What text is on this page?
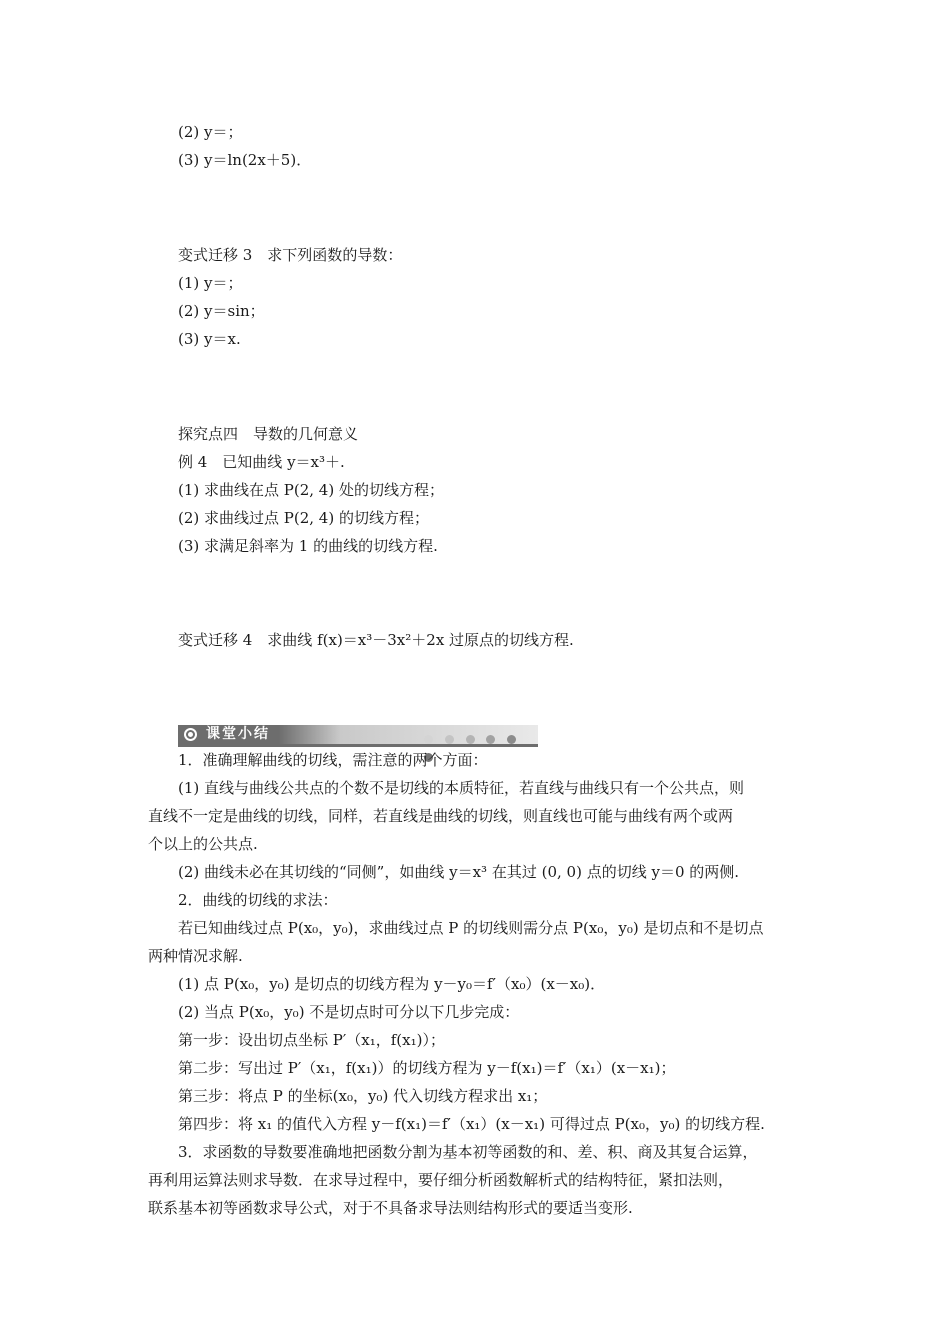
(2) y＝；
(3) y＝ln(2x＋5)．
变式迁移 3　求下列函数的导数：
(1) y＝；
(2) y＝sin；
(3) y＝x.
探究点四　导数的几何意义
例 4　已知曲线 y＝x³＋.
(1) 求曲线在点 P(2, 4) 处的切线方程；
(2) 求曲线过点 P(2, 4) 的切线方程；
(3) 求满足斜率为 1 的曲线的切线方程.
变式迁移 4　求曲线 f(x)＝x³－3x²＋2x 过原点的切线方程.
课堂小结

1．准确理解曲线的切线，需注意的两个方面：
(1) 直线与曲线公共点的个数不是切线的本质特征，若直线与曲线只有一个公共点，则
直线不一定是曲线的切线，同样，若直线是曲线的切线，则直线也可能与曲线有两个或两
个以上的公共点.
(2) 曲线未必在其切线的“同侧”，如曲线 y＝x³ 在其过 (0, 0) 点的切线 y＝0 的两侧.
2．曲线的切线的求法：
若已知曲线过点 P(x₀，y₀)，求曲线过点 P 的切线则需分点 P(x₀，y₀) 是切点和不是切点
两种情况求解.
(1) 点 P(x₀，y₀) 是切点的切线方程为 y－y₀＝f′（x₀）(x－x₀)．
(2) 当点 P(x₀，y₀) 不是切点时可分以下几步完成：
第一步：设出切点坐标 P′（x₁，f(x₁)）；
第二步：写出过 P′（x₁，f(x₁)）的切线方程为 y－f(x₁)＝f′（x₁）(x－x₁)；
第三步：将点 P 的坐标(x₀，y₀) 代入切线方程求出 x₁；
第四步：将 x₁ 的值代入方程 y－f(x₁)＝f′（x₁）(x－x₁) 可得过点 P(x₀，y₀) 的切线方程.
3．求函数的导数要准确地把函数分割为基本初等函数的和、差、积、商及其复合运算，
再利用运算法则求导数．在求导过程中，要仔细分析函数解析式的结构特征，紧扣法则，
联系基本初等函数求导公式，对于不具备求导法则结构形式的要适当变形.
